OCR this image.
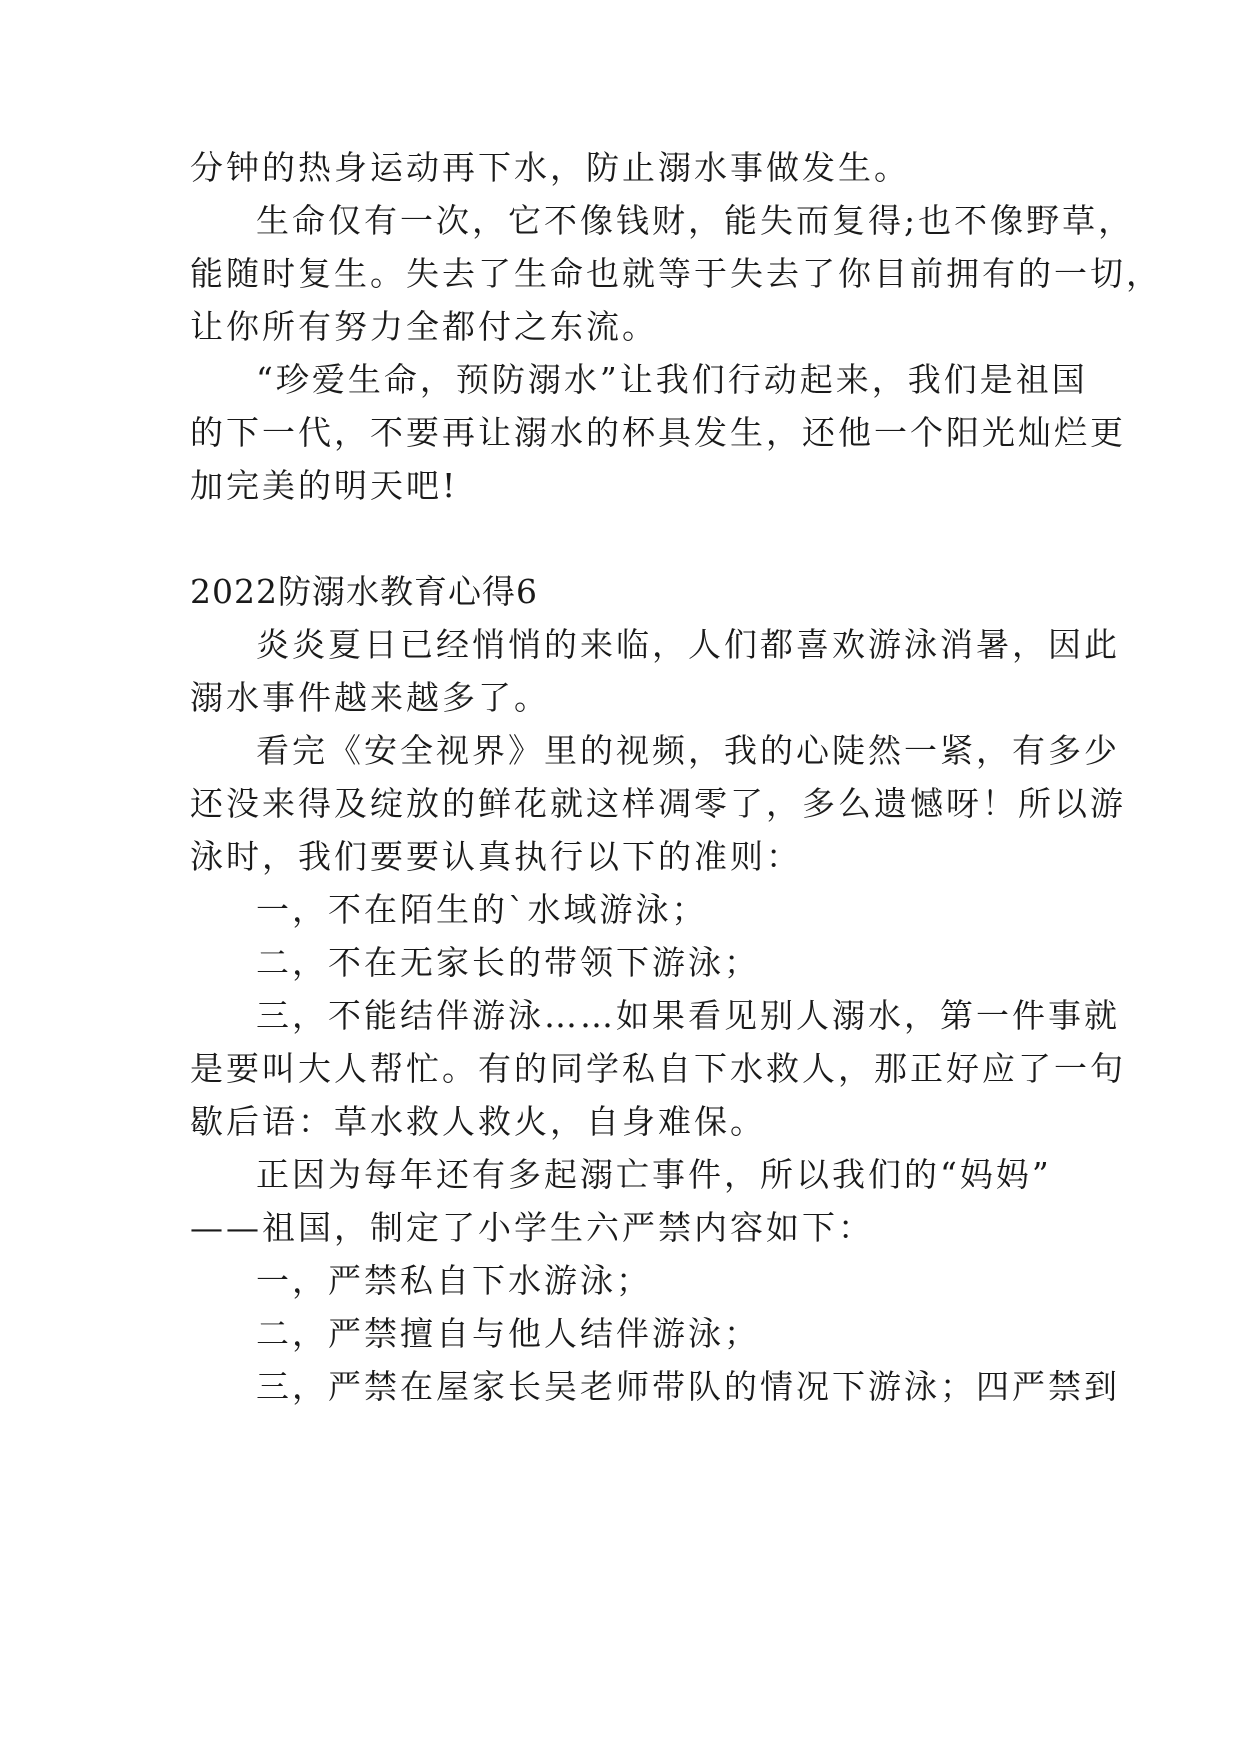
分钟的热身运动再下水，防止溺水事做发生。

生命仅有一次，它不像钱财，能失而复得;也不像野草，

能随时复生。失去了生命也就等于失去了你目前拥有的一切，

让你所有努力全都付之东流。

“珍爱生命，预防溺水”让我们行动起来，我们是祖国

的下一代，不要再让溺水的杯具发生，还他一个阳光灿烂更

加完美的明天吧!

2022防溺水教育心得6

炎炎夏日已经悄悄的来临，人们都喜欢游泳消暑，因此

溺水事件越来越多了。

看完《安全视界》里的视频，我的心陡然一紧，有多少

还没来得及绽放的鲜花就这样凋零了，多么遗憾呀！所以游

泳时，我们要要认真执行以下的准则：

一，不在陌生的`水域游泳；

二，不在无家长的带领下游泳；

三，不能结伴游泳……如果看见别人溺水，第一件事就

是要叫大人帮忙。有的同学私自下水救人，那正好应了一句

歇后语：草水救人救火，自身难保。

正因为每年还有多起溺亡事件，所以我们的“妈妈”

——祖国，制定了小学生六严禁内容如下：

一，严禁私自下水游泳；

二，严禁擅自与他人结伴游泳；

三，严禁在屋家长吴老师带队的情况下游泳；四严禁到
